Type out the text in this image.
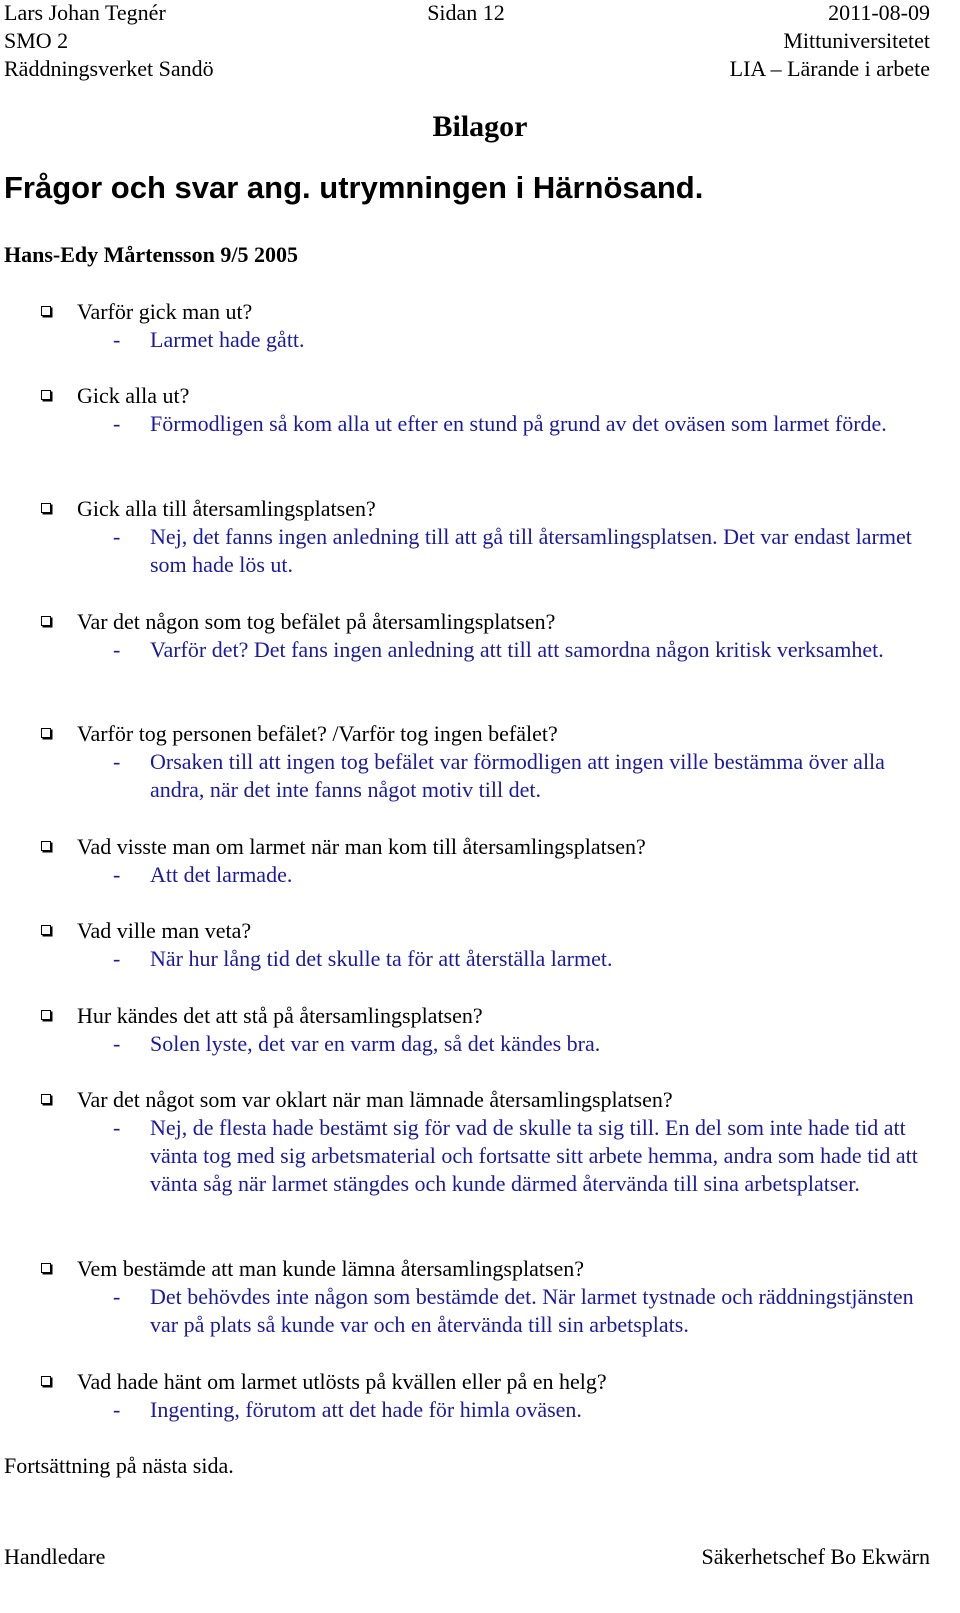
Lars Johan Tegnér	Sidan 12	2011-08-09
SMO 2	Mittuniversitetet
Räddningsverket Sandö	LIA – Lärande i arbete
Bilagor
Frågor och svar ang. utrymningen i Härnösand.
Hans-Edy Mårtensson 9/5 2005
Varför gick man ut?
- Larmet hade gått.
Gick alla ut?
- Förmodligen så kom alla ut efter en stund på grund av det oväsen som larmet förde.
Gick alla till återsamlingsplatsen?
- Nej, det fanns ingen anledning till att gå till återsamlingsplatsen. Det var endast larmet som hade lös ut.
Var det någon som tog befälet på återsamlingsplatsen?
- Varför det? Det fans ingen anledning att till att samordna någon kritisk verksamhet.
Varför tog personen befälet? /Varför tog ingen befälet?
- Orsaken till att ingen tog befälet var förmodligen att ingen ville bestämma över alla andra, när det inte fanns något motiv till det.
Vad visste man om larmet när man kom till återsamlingsplatsen?
- Att det larmade.
Vad ville man veta?
- När hur lång tid det skulle ta för att återställa larmet.
Hur kändes det att stå på återsamlingsplatsen?
- Solen lyste, det var en varm dag, så det kändes bra.
Var det något som var oklart när man lämnade återsamlingsplatsen?
- Nej, de flesta hade bestämt sig för vad de skulle ta sig till. En del som inte hade tid att vänta tog med sig arbetsmaterial och fortsatte sitt arbete hemma, andra som hade tid att vänta såg när larmet stängdes och kunde därmed återvända till sina arbetsplatser.
Vem bestämde att man kunde lämna återsamlingsplatsen?
- Det behövdes inte någon som bestämde det. När larmet tystnade och räddningstjänsten var på plats så kunde var och en återvända till sin arbetsplats.
Vad hade hänt om larmet utlösts på kvällen eller på en helg?
- Ingenting, förutom att det hade för himla oväsen.
Fortsättning på nästa sida.
Handledare	Säkerhetschef Bo Ekwärn
